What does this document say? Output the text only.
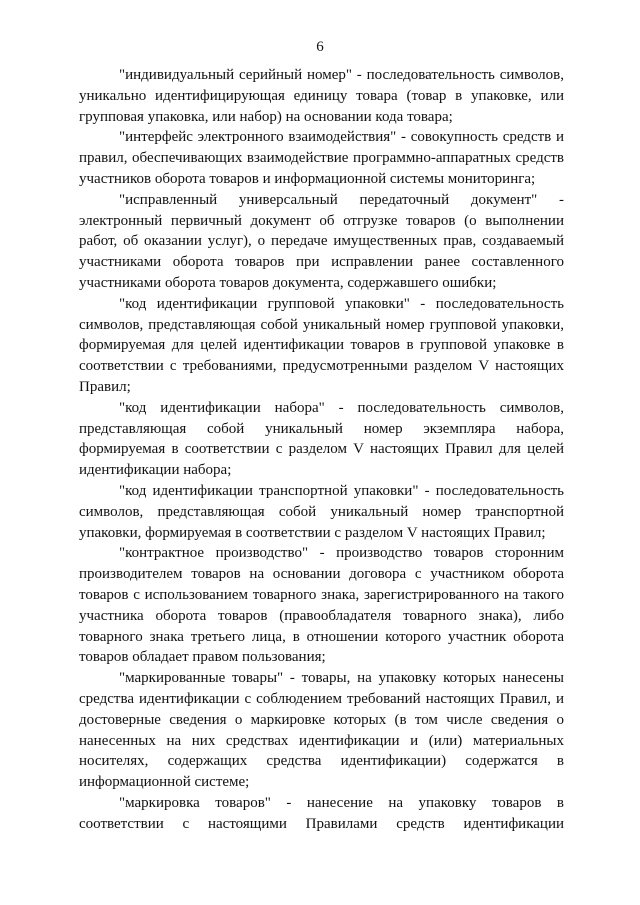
6

"индивидуальный серийный номер" - последовательность символов, уникально идентифицирующая единицу товара (товар в упаковке, или групповая упаковка, или набор) на основании кода товара;

"интерфейс электронного взаимодействия" - совокупность средств и правил, обеспечивающих взаимодействие программно-аппаратных средств участников оборота товаров и информационной системы мониторинга;

"исправленный универсальный передаточный документ" - электронный первичный документ об отгрузке товаров (о выполнении работ, об оказании услуг), о передаче имущественных прав, создаваемый участниками оборота товаров при исправлении ранее составленного участниками оборота товаров документа, содержавшего ошибки;

"код идентификации групповой упаковки" - последовательность символов, представляющая собой уникальный номер групповой упаковки, формируемая для целей идентификации товаров в групповой упаковке в соответствии с требованиями, предусмотренными разделом V настоящих Правил;

"код идентификации набора" - последовательность символов, представляющая собой уникальный номер экземпляра набора, формируемая в соответствии с разделом V настоящих Правил для целей идентификации набора;

"код идентификации транспортной упаковки" - последовательность символов, представляющая собой уникальный номер транспортной упаковки, формируемая в соответствии с разделом V настоящих Правил;

"контрактное производство" - производство товаров сторонним производителем товаров на основании договора с участником оборота товаров с использованием товарного знака, зарегистрированного на такого участника оборота товаров (правообладателя товарного знака), либо товарного знака третьего лица, в отношении которого участник оборота товаров обладает правом пользования;

"маркированные товары" - товары, на упаковку которых нанесены средства идентификации с соблюдением требований настоящих Правил, и достоверные сведения о маркировке которых (в том числе сведения о нанесенных на них средствах идентификации и (или) материальных носителях, содержащих средства идентификации) содержатся в информационной системе;

"маркировка товаров" - нанесение на упаковку товаров в соответствии с настоящими Правилами средств идентификации
